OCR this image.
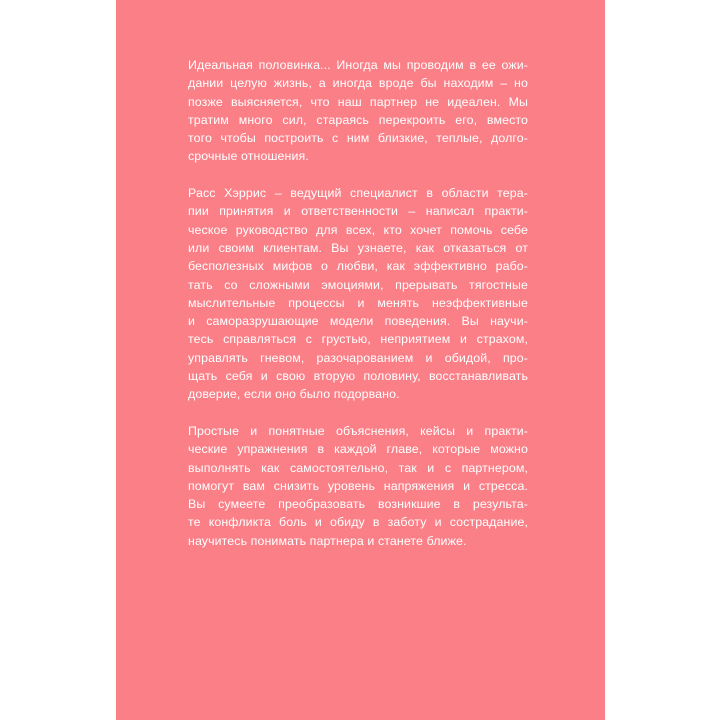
Идеальная половинка... Иногда мы проводим в ее ожи-
дании целую жизнь, а иногда вроде бы находим – но
позже выясняется, что наш партнер не идеален. Мы
тратим много сил, стараясь перекроить его, вместо
того чтобы построить с ним близкие, теплые, долго-
срочные отношения.
Расс Хэррис – ведущий специалист в области тера-
пии принятия и ответственности – написал практи-
ческое руководство для всех, кто хочет помочь себе
или своим клиентам. Вы узнаете, как отказаться от
бесполезных мифов о любви, как эффективно рабо-
тать со сложными эмоциями, прерывать тягостные
мыслительные процессы и менять неэффективные
и саморазрушающие модели поведения. Вы научи-
тесь справляться с грустью, неприятием и страхом,
управлять гневом, разочарованием и обидой, про-
щать себя и свою вторую половину, восстанавливать
доверие, если оно было подорвано.
Простые и понятные объяснения, кейсы и практи-
ческие упражнения в каждой главе, которые можно
выполнять как самостоятельно, так и с партнером,
помогут вам снизить уровень напряжения и стресса.
Вы сумеете преобразовать возникшие в результа-
те конфликта боль и обиду в заботу и сострадание,
научитесь понимать партнера и станете ближе.
